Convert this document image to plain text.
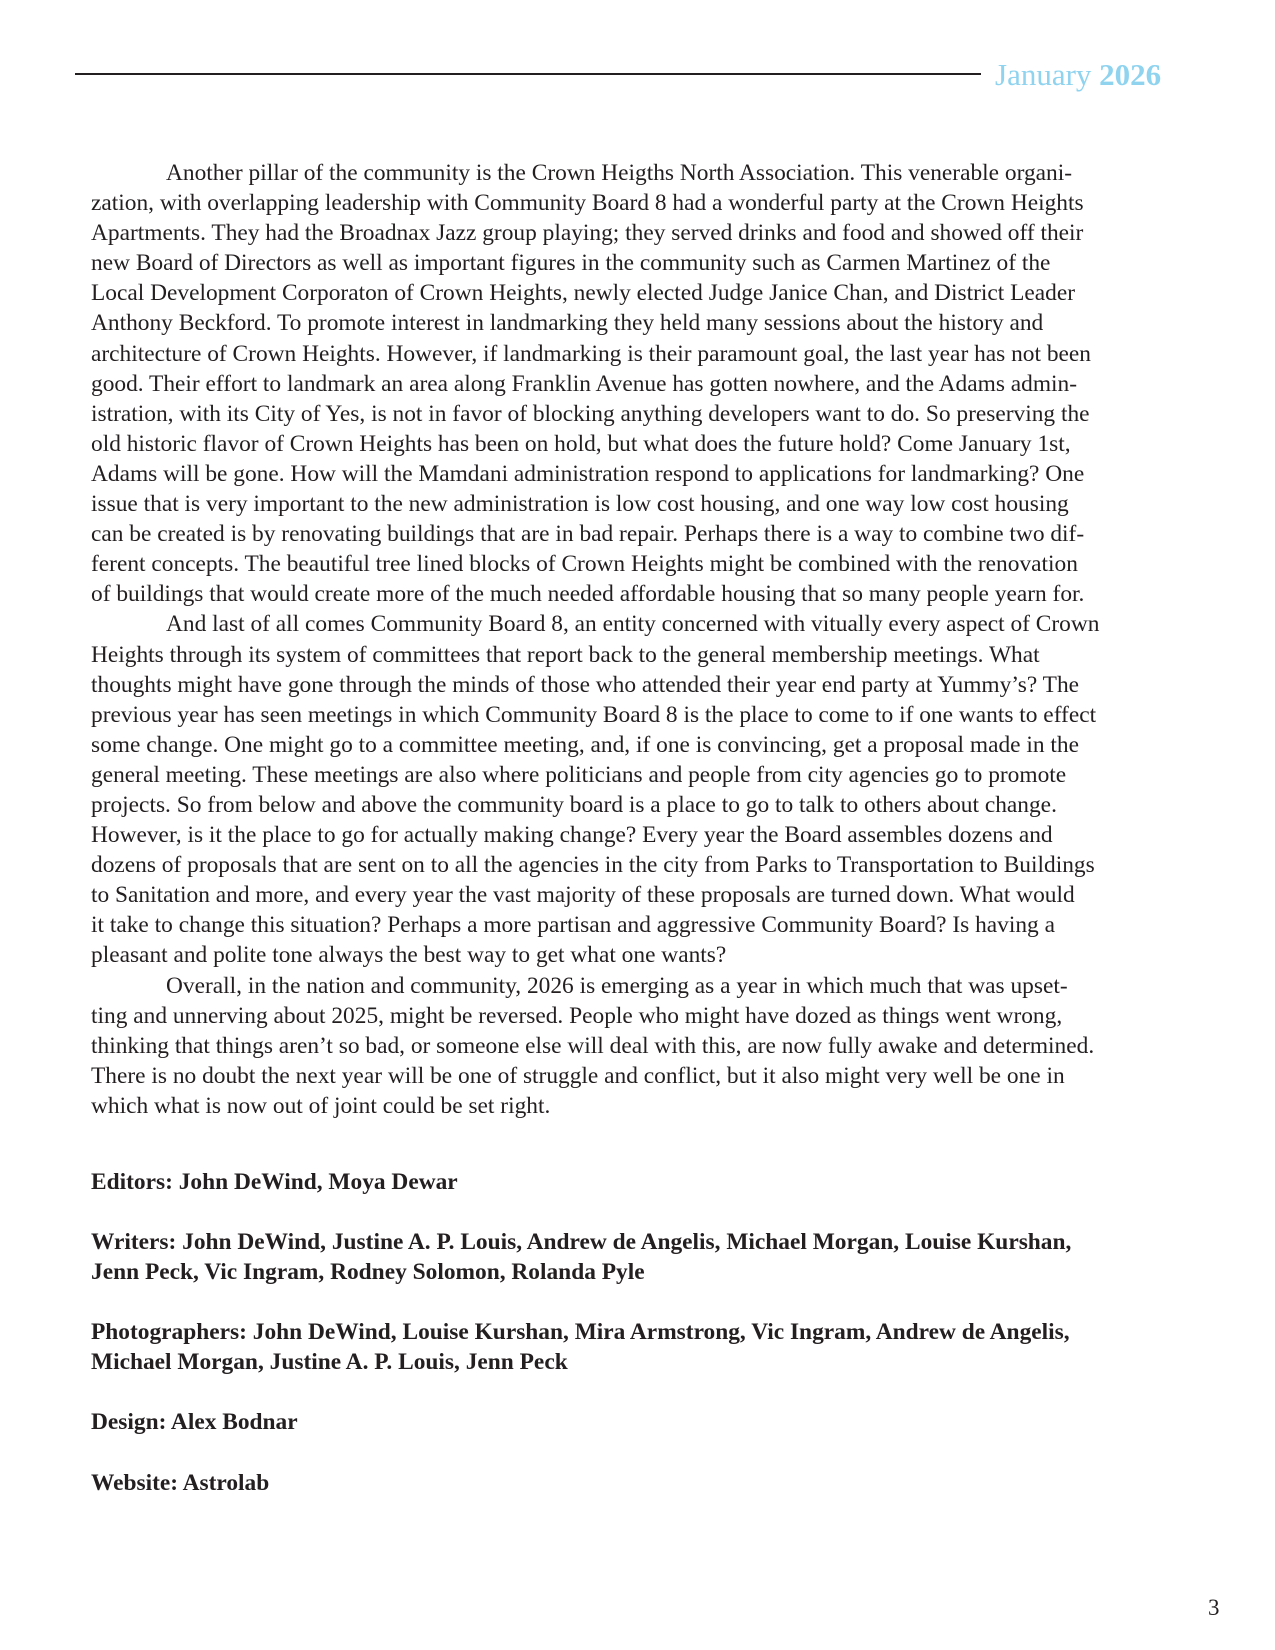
January 2026
Another pillar of the community is the Crown Heigths North Association. This venerable organi-
zation, with overlapping leadership with Community Board 8 had a wonderful party at the Crown Heights
Apartments. They had the Broadnax Jazz group playing; they served drinks and food and showed off their
new Board of Directors as well as important figures in the community such as Carmen Martinez of the
Local Development Corporaton of Crown Heights, newly elected Judge Janice Chan, and District Leader
Anthony Beckford. To promote interest in landmarking they held many sessions about the history and
architecture of Crown Heights. However, if landmarking is their paramount goal, the last year has not been
good. Their effort to landmark an area along Franklin Avenue has gotten nowhere, and the Adams admin-
istration, with its City of Yes, is not in favor of blocking anything developers want to do. So preserving the
old historic flavor of Crown Heights has been on hold, but what does the future hold? Come January 1st,
Adams will be gone. How will the Mamdani administration respond to applications for landmarking? One
issue that is very important to the new administration is low cost housing, and one way low cost housing
can be created is by renovating buildings that are in bad repair. Perhaps there is a way to combine two dif-
ferent concepts. The beautiful tree lined blocks of Crown Heights might be combined with the renovation
of buildings that would create more of the much needed affordable housing that so many people yearn for.
And last of all comes Community Board 8, an entity concerned with vitually every aspect of Crown
Heights through its system of committees that report back to the general membership meetings. What
thoughts might have gone through the minds of those who attended their year end party at Yummy’s? The
previous year has seen meetings in which Community Board 8 is the place to come to if one wants to effect
some change. One might go to a committee meeting, and, if one is convincing, get a proposal made in the
general meeting. These meetings are also where politicians and people from city agencies go to promote
projects. So from below and above the community board is a place to go to talk to others about change.
However, is it the place to go for actually making change? Every year the Board assembles dozens and
dozens of proposals that are sent on to all the agencies in the city from Parks to Transportation to Buildings
to Sanitation and more, and every year the vast majority of these proposals are turned down. What would
it take to change this situation? Perhaps a more partisan and aggressive Community Board? Is having a
pleasant and polite tone always the best way to get what one wants?
Overall, in the nation and community, 2026 is emerging as a year in which much that was upset-
ting and unnerving about 2025, might be reversed. People who might have dozed as things went wrong,
thinking that things aren’t so bad, or someone else will deal with this, are now fully awake and determined.
There is no doubt the next year will be one of struggle and conflict, but it also might very well be one in
which what is now out of joint could be set right.
Editors: John DeWind, Moya Dewar
Writers: John DeWind, Justine A. P. Louis, Andrew de Angelis, Michael Morgan, Louise Kurshan,
Jenn Peck, Vic Ingram, Rodney Solomon, Rolanda Pyle
Photographers: John DeWind, Louise Kurshan, Mira Armstrong, Vic Ingram, Andrew de Angelis,
Michael Morgan, Justine A. P. Louis, Jenn Peck
Design: Alex Bodnar
Website: Astrolab
3
